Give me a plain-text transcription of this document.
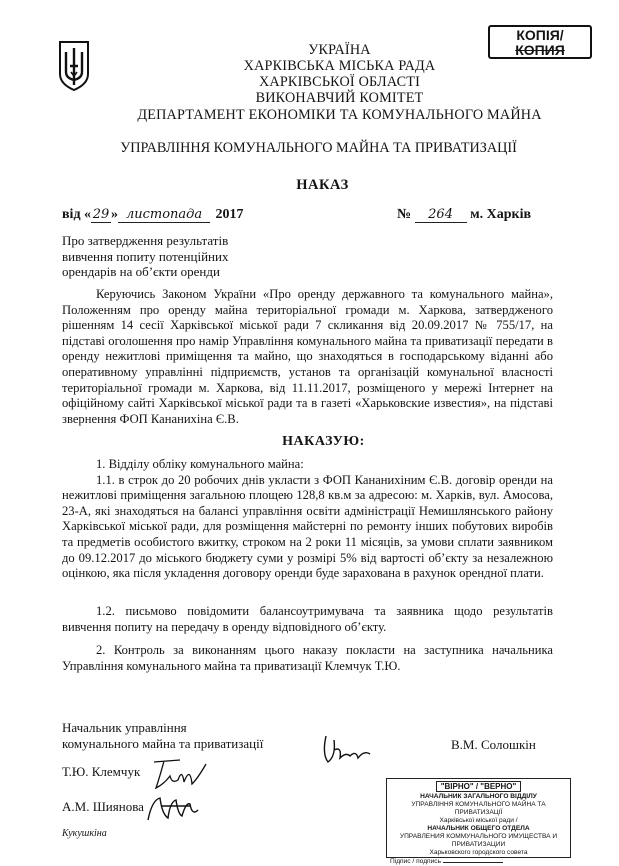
УКРАЇНА
ХАРКІВСЬКА МІСЬКА РАДА
ХАРКІВСЬКОЇ ОБЛАСТІ
ВИКОНАВЧИЙ КОМІТЕТ
ДЕПАРТАМЕНТ ЕКОНОМІКИ ТА КОМУНАЛЬНОГО МАЙНА
КОПІЯ/
КОПИЯ
УПРАВЛІННЯ КОМУНАЛЬНОГО МАЙНА ТА ПРИВАТИЗАЦІЇ
НАКАЗ
від « 29 » листопада 2017	№ 264 м. Харків
Про затвердження результатів вивчення попиту потенційних орендарів на об’єкти оренди

Керуючись Законом України «Про оренду державного та комунального майна», Положенням про оренду майна територіальної громади м. Харкова, затвердженого рішенням 14 сесії Харківської міської ради 7 скликання від 20.09.2017 № 755/17, на підставі оголошення про намір Управління комунального майна та приватизації передати в оренду нежитлові приміщення та майно, що знаходяться в господарському віданні або оперативному управлінні підприємств, установ та організацій комунальної власності територіальної громади м. Харкова, від 11.11.2017, розміщеного у мережі Інтернет на офіційному сайті Харківської міської ради та в газеті «Харьковские известия», на підставі звернення ФОП Кананихіна Є.В.

НАКАЗУЮ:

1. Відділу обліку комунального майна:

1.1. в строк до 20 робочих днів укласти з ФОП Кананихіним Є.В. договір оренди на нежитлові приміщення загальною площею 128,8 кв.м за адресою: м. Харків, вул. Амосова, 23-А, які знаходяться на балансі управління освіти адміністрації Немишлянського району Харківської міської ради, для розміщення майстерні по ремонту інших побутових виробів та предметів особистого вжитку, строком на 2 роки 11 місяців, за умови сплати заявником до 09.12.2017 до міського бюджету суми у розмірі 5% від вартості об’єкту за незалежною оцінкою, яка після укладення договору оренди буде зарахована в рахунок орендної плати.

1.2. письмово повідомити балансоутримувача та заявника щодо результатів вивчення попиту на передачу в оренду відповідного об’єкту.

2. Контроль за виконанням цього наказу покласти на заступника начальника Управління комунального майна та приватизації Клемчук Т.Ю.

Начальник управління
комунального майна та приватизації	В.М. Солошкін
Т.Ю. Клемчук
А.М. Шиянова
Кукушкіна
"ВІРНО" / "ВЕРНО"
НАЧАЛЬНИК ЗАГАЛЬНОГО ВІДДІЛУ
УПРАВЛІННЯ КОМУНАЛЬНОГО МАЙНА ТА ПРИВАТИЗАЦІЇ
Харківської міської ради /
НАЧАЛЬНИК ОБЩЕГО ОТДЕЛА
УПРАВЛЕНИЯ КОММУНАЛЬНОГО ИМУЩЕСТВА И ПРИВАТИЗАЦИИ
Харьковского городского совета
Підпис / подпись
